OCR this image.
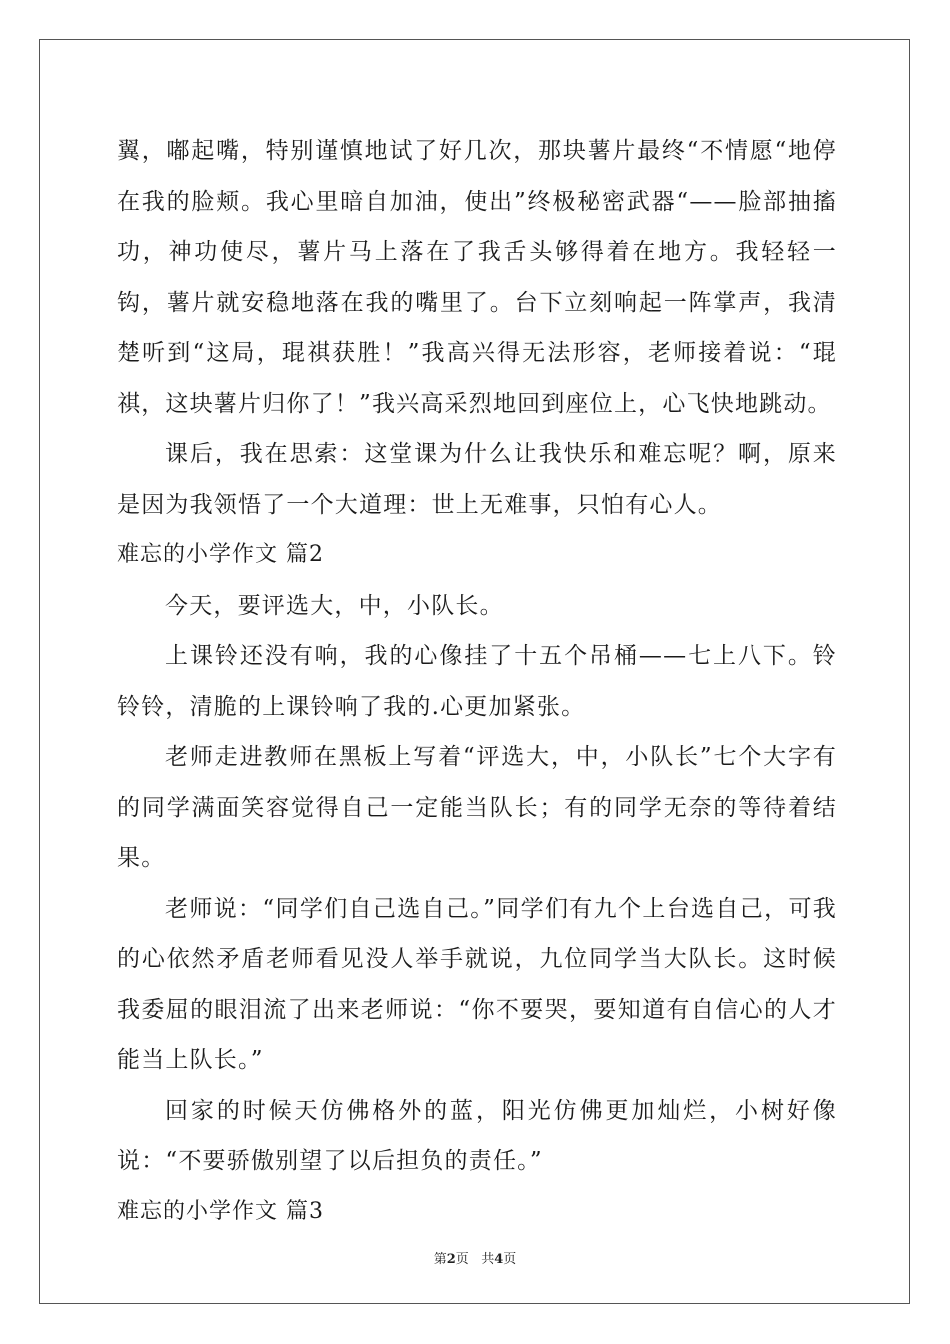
翼，嘟起嘴，特别谨慎地试了好几次，那块薯片最终“不情愿“地停在我的脸颊。我心里暗自加油，使出”终极秘密武器“——脸部抽搐功，神功使尽，薯片马上落在了我舌头够得着在地方。我轻轻一钩，薯片就安稳地落在我的嘴里了。台下立刻响起一阵掌声，我清楚听到“这局，琨祺获胜！”我高兴得无法形容，老师接着说：“琨祺，这块薯片归你了！”我兴高采烈地回到座位上，心飞快地跳动。

课后，我在思索：这堂课为什么让我快乐和难忘呢？啊，原来是因为我领悟了一个大道理：世上无难事，只怕有心人。

难忘的小学作文 篇2

今天，要评选大，中，小队长。

上课铃还没有响，我的心像挂了十五个吊桶——七上八下。铃铃铃，清脆的上课铃响了我的.心更加紧张。

老师走进教师在黑板上写着“评选大，中，小队长”七个大字有的同学满面笑容觉得自己一定能当队长；有的同学无奈的等待着结果。

老师说：“同学们自己选自己。”同学们有九个上台选自己，可我的心依然矛盾老师看见没人举手就说，九位同学当大队长。这时候我委屈的眼泪流了出来老师说：“你不要哭，要知道有自信心的人才能当上队长。”

回家的时候天仿佛格外的蓝，阳光仿佛更加灿烂，小树好像说：“不要骄傲别望了以后担负的责任。”

难忘的小学作文 篇3

第2页 共4页
